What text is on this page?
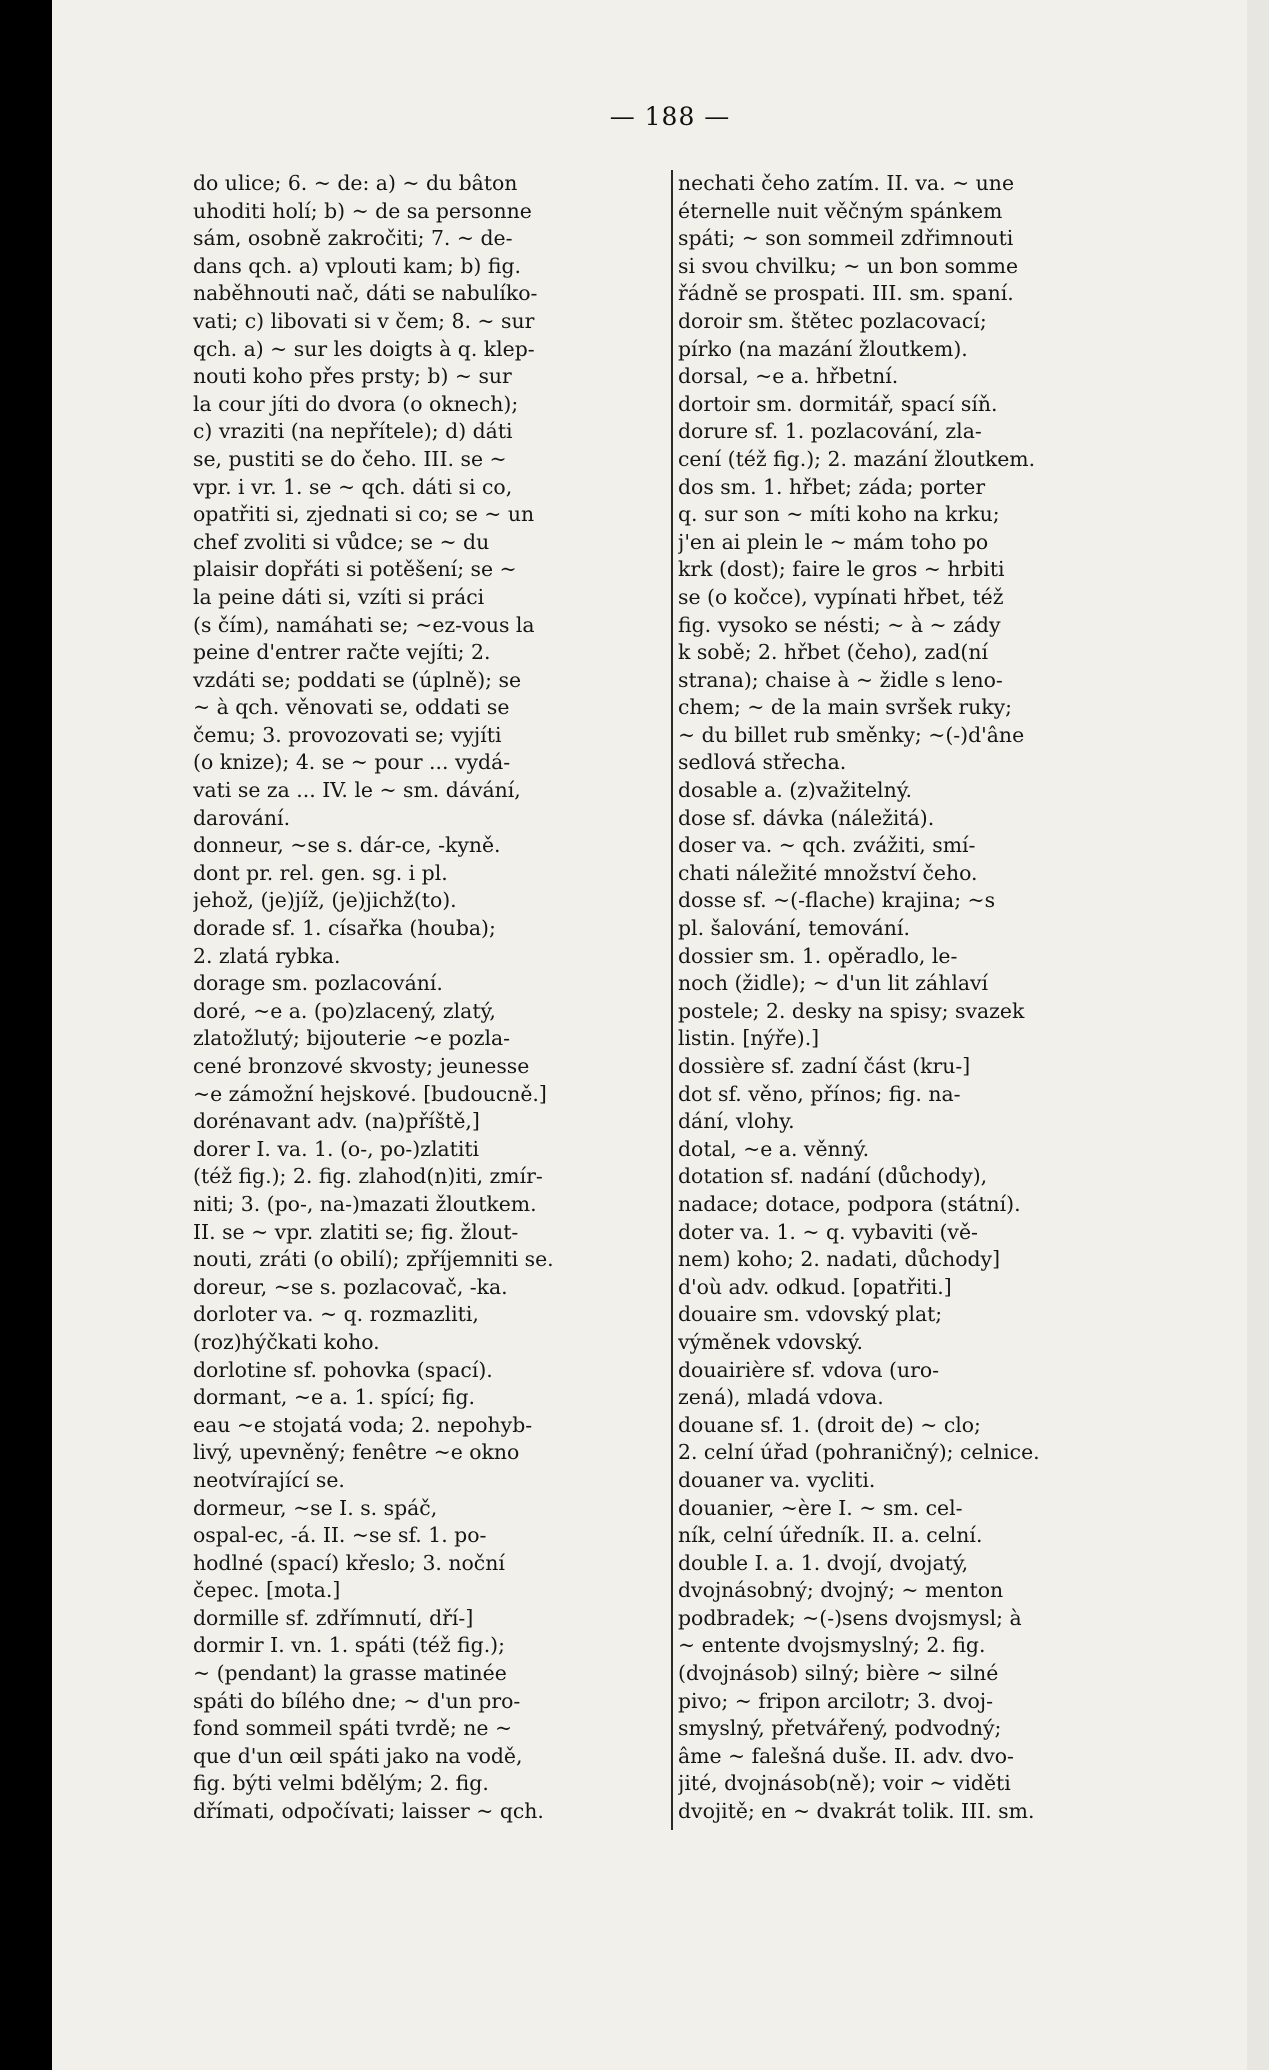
— 188 —
do ulice; 6. ~ de: a) ~ du bâton
uhoditi holí; b) ~ de sa personne
sám, osobně zakročiti; 7. ~ de-
dans qch. a) vplouti kam; b) fig.
naběhnouti nač, dáti se nabulíko-
vati; c) libovati si v čem; 8. ~ sur
qch. a) ~ sur les doigts à q. klep-
nouti koho přes prsty; b) ~ sur
la cour jíti do dvora (o oknech);
c) vraziti (na nepřítele); d) dáti
se, pustiti se do čeho. III. se ~
vpr. i vr. 1. se ~ qch. dáti si co,
opatřiti si, zjednati si co; se ~ un
chef zvoliti si vůdce; se ~ du
plaisir dopřáti si potěšení; se ~
la peine dáti si, vzíti si práci
(s čím), namáhati se; ~ez-vous la
peine d'entrer račte vejíti; 2.
vzdáti se; poddati se (úplně); se
~ à qch. věnovati se, oddati se
čemu; 3. provozovati se; vyjíti
(o knize); 4. se ~ pour ... vydá-
vati se za ... IV. le ~ sm. dávání,
darování.
donneur, ~se s. dár-ce, -kyně.
dont pr. rel. gen. sg. i pl.
jehož, (je)jíž, (je)jichž(to).
dorade sf. 1. císařka (houba);
2. zlatá rybka.
dorage sm. pozlacování.
doré, ~e a. (po)zlacený, zlatý,
zlatožlutý; bijouterie ~e pozla-
cené bronzové skvosty; jeunesse
~e zámožní hejskové. [budoucně.]
dorénavant adv. (na)příště,]
dorer I. va. 1. (o-, po-)zlatiti
(též fig.); 2. fig. zlahod(n)iti, zmír-
niti; 3. (po-, na-)mazati žloutkem.
II. se ~ vpr. zlatiti se; fig. žlout-
nouti, zráti (o obilí); zpříjemniti se.
doreur, ~se s. pozlacovač, -ka.
dorloter va. ~ q. rozmazliti,
(roz)hýčkati koho.
dorlotine sf. pohovka (spací).
dormant, ~e a. 1. spící; fig.
eau ~e stojatá voda; 2. nepohyb-
livý, upevněný; fenêtre ~e okno
neotvírající se.
dormeur, ~se I. s. spáč,
ospal-ec, -á. II. ~se sf. 1. po-
hodlné (spací) křeslo; 3. noční
čepec. [mota.]
dormille sf. zdřímnutí, dří-]
dormir I. vn. 1. spáti (též fig.);
~ (pendant) la grasse matinée
spáti do bílého dne; ~ d'un pro-
fond sommeil spáti tvrdě; ne ~
que d'un œil spáti jako na vodě,
fig. býti velmi bdělým; 2. fig.
dřímati, odpočívati; laisser ~ qch.
nechati čeho zatím. II. va. ~ une
éternelle nuit věčným spánkem
spáti; ~ son sommeil zdřimnouti
si svou chvilku; ~ un bon somme
řádně se prospati. III. sm. spaní.
doroir sm. štětec pozlacovací;
pírko (na mazání žloutkem).
dorsal, ~e a. hřbetní.
dortoir sm. dormitář, spací síň.
dorure sf. 1. pozlacování, zla-
cení (též fig.); 2. mazání žloutkem.
dos sm. 1. hřbet; záda; porter
q. sur son ~ míti koho na krku;
j'en ai plein le ~ mám toho po
krk (dost); faire le gros ~ hrbiti
se (o kočce), vypínati hřbet, též
fig. vysoko se nésti; ~ à ~ zády
k sobě; 2. hřbet (čeho), zad(ní
strana); chaise à ~ židle s leno-
chem; ~ de la main svršek ruky;
~ du billet rub směnky; ~(-)d'âne
sedlová střecha.
dosable a. (z)važitelný.
dose sf. dávka (náležitá).
doser va. ~ qch. zvážiti, smí-
chati náležité množství čeho.
dosse sf. ~(-flache) krajina; ~s
pl. šalování, temování.
dossier sm. 1. opěradlo, le-
noch (židle); ~ d'un lit záhlaví
postele; 2. desky na spisy; svazek
listin. [nýře).]
dossière sf. zadní část (kru-]
dot sf. věno, přínos; fig. na-
dání, vlohy.
dotal, ~e a. věnný.
dotation sf. nadání (důchody),
nadace; dotace, podpora (státní).
doter va. 1. ~ q. vybaviti (vě-
nem) koho; 2. nadati, důchody]
d'où adv. odkud. [opatřiti.]
douaire sm. vdovský plat;
výměnek vdovský.
douairière sf. vdova (uro-
zená), mladá vdova.
douane sf. 1. (droit de) ~ clo;
2. celní úřad (pohraničný); celnice.
douaner va. vycliti.
douanier, ~ère I. ~ sm. cel-
ník, celní úředník. II. a. celní.
double I. a. 1. dvojí, dvojatý,
dvojnásobný; dvojný; ~ menton
podbradek; ~(-)sens dvojsmysl; à
~ entente dvojsmyslný; 2. fig.
(dvojnásob) silný; bière ~ silné
pivo; ~ fripon arcilotr; 3. dvoj-
smyslný, přetvářený, podvodný;
âme ~ falešná duše. II. adv. dvo-
jité, dvojnásob(ně); voir ~ viděti
dvojitě; en ~ dvakrát tolik. III. sm.
